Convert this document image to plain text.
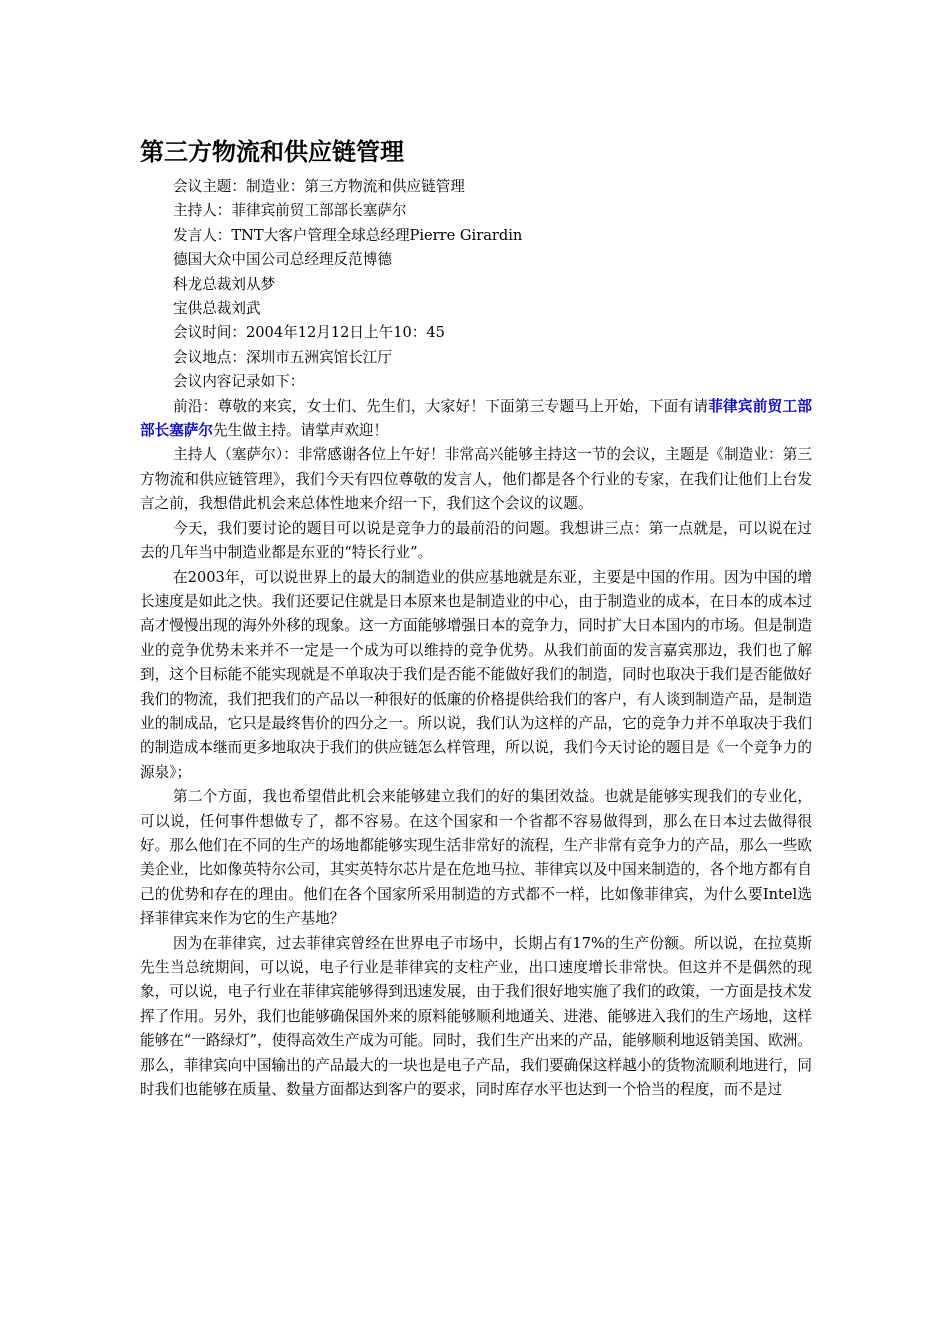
第三方物流和供应链管理
会议主题：制造业：第三方物流和供应链管理
主持人：菲律宾前贸工部部长塞萨尔
发言人：TNT大客户管理全球总经理Pierre Girardin
德国大众中国公司总经理反范博德
科龙总裁刘从梦
宝供总裁刘武
会议时间：2004年12月12日上午10：45
会议地点：深圳市五洲宾馆长江厅
会议内容记录如下：

前沿：尊敬的来宾，女士们、先生们，大家好！下面第三专题马上开始，下面有请菲律宾前贸工部部长塞萨尔先生做主持。请掌声欢迎！

主持人（塞萨尔）：非常感谢各位上午好！非常高兴能够主持这一节的会议，主题是《制造业：第三方物流和供应链管理》，我们今天有四位尊敬的发言人，他们都是各个行业的专家，在我们让他们上台发言之前，我想借此机会来总体性地来介绍一下，我们这个会议的议题。

今天，我们要讨论的题目可以说是竞争力的最前沿的问题。我想讲三点：第一点就是，可以说在过去的几年当中制造业都是东亚的“特长行业”。

在2003年，可以说世界上的最大的制造业的供应基地就是东亚，主要是中国的作用。因为中国的增长速度是如此之快。我们还要记住就是日本原来也是制造业的中心，由于制造业的成本，在日本的成本过高才慢慢出现的海外外移的现象。这一方面能够增强日本的竞争力，同时扩大日本国内的市场。但是制造业的竞争优势未来并不一定是一个成为可以维持的竞争优势。从我们前面的发言嘉宾那边，我们也了解到，这个目标能不能实现就是不单取决于我们是否能不能做好我们的制造，同时也取决于我们是否能做好我们的物流，我们把我们的产品以一种很好的低廉的价格提供给我们的客户，有人谈到制造产品，是制造业的制成品，它只是最终售价的四分之一。所以说，我们认为这样的产品，它的竞争力并不单取决于我们的制造成本继而更多地取决于我们的供应链怎么样管理，所以说，我们今天讨论的题目是《一个竞争力的源泉》；

第二个方面，我也希望借此机会来能够建立我们的好的集团效益。也就是能够实现我们的专业化，可以说，任何事件想做专了，都不容易。在这个国家和一个省都不容易做得到，那么在日本过去做得很好。那么他们在不同的生产的场地都能够实现生活非常好的流程，生产非常有竞争力的产品，那么一些欧美企业，比如像英特尔公司，其实英特尔芯片是在危地马拉、菲律宾以及中国来制造的，各个地方都有自己的优势和存在的理由。他们在各个国家所采用制造的方式都不一样，比如像菲律宾，为什么要Intel选择菲律宾来作为它的生产基地？

因为在菲律宾，过去菲律宾曾经在世界电子市场中，长期占有17%的生产份额。所以说，在拉莫斯先生当总统期间，可以说，电子行业是菲律宾的支柱产业，出口速度增长非常快。但这并不是偶然的现象，可以说，电子行业在菲律宾能够得到迅速发展，由于我们很好地实施了我们的政策，一方面是技术发挥了作用。另外，我们也能够确保国外来的原料能够顺利地通关、进港、能够进入我们的生产场地，这样能够在“一路绿灯”，使得高效生产成为可能。同时，我们生产出来的产品，能够顺利地返销美国、欧洲。那么，菲律宾向中国输出的产品最大的一块也是电子产品，我们要确保这样越小的货物流顺利地进行，同时我们也能够在质量、数量方面都达到客户的要求，同时库存水平也达到一个恰当的程度，而不是过
